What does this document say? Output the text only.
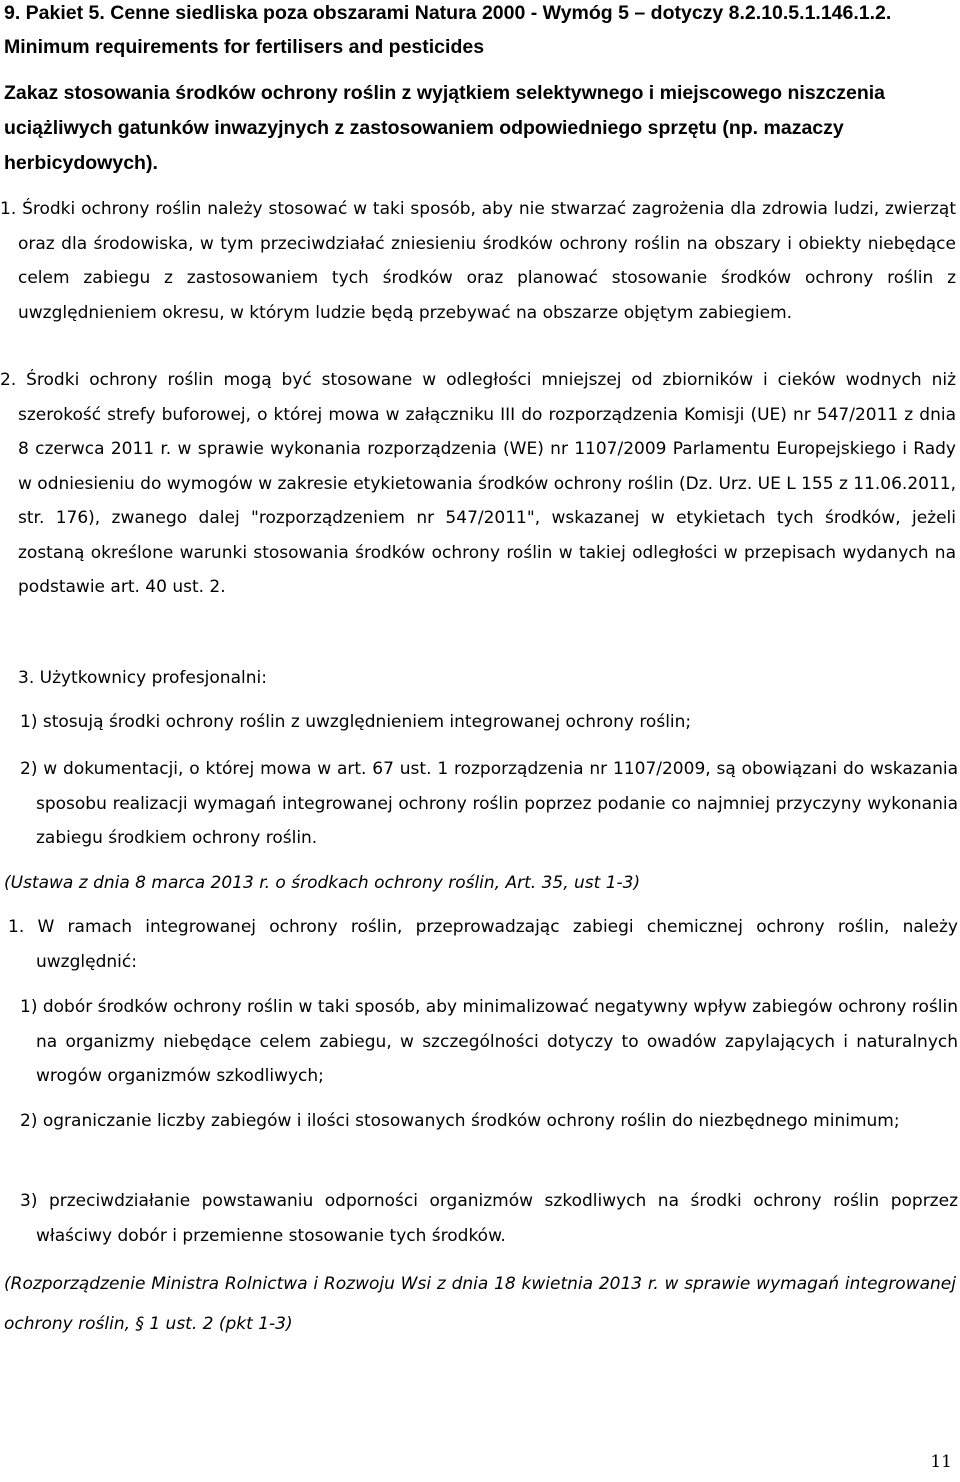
9. Pakiet 5. Cenne siedliska poza obszarami Natura 2000 - Wymóg 5 – dotyczy 8.2.10.5.1.146.1.2. Minimum requirements for fertilisers and pesticides

Zakaz stosowania środków ochrony roślin z wyjątkiem selektywnego i miejscowego niszczenia uciążliwych gatunków inwazyjnych z zastosowaniem odpowiedniego sprzętu (np. mazaczy herbicydowych).

1. Środki ochrony roślin należy stosować w taki sposób, aby nie stwarzać zagrożenia dla zdrowia ludzi, zwierząt oraz dla środowiska, w tym przeciwdziałać zniesieniu środków ochrony roślin na obszary i obiekty niebędące celem zabiegu z zastosowaniem tych środków oraz planować stosowanie środków ochrony roślin z uwzględnieniem okresu, w którym ludzie będą przebywać na obszarze objętym zabiegiem.

2. Środki ochrony roślin mogą być stosowane w odległości mniejszej od zbiorników i cieków wodnych niż szerokość strefy buforowej, o której mowa w załączniku III do rozporządzenia Komisji (UE) nr 547/2011 z dnia 8 czerwca 2011 r. w sprawie wykonania rozporządzenia (WE) nr 1107/2009 Parlamentu Europejskiego i Rady w odniesieniu do wymogów w zakresie etykietowania środków ochrony roślin (Dz. Urz. UE L 155 z 11.06.2011, str. 176), zwanego dalej "rozporządzeniem nr 547/2011", wskazanej w etykietach tych środków, jeżeli zostaną określone warunki stosowania środków ochrony roślin w takiej odległości w przepisach wydanych na podstawie art. 40 ust. 2.

3. Użytkownicy profesjonalni:

1) stosują środki ochrony roślin z uwzględnieniem integrowanej ochrony roślin;

2) w dokumentacji, o której mowa w art. 67 ust. 1 rozporządzenia nr 1107/2009, są obowiązani do wskazania sposobu realizacji wymagań integrowanej ochrony roślin poprzez podanie co najmniej przyczyny wykonania zabiegu środkiem ochrony roślin.

(Ustawa z dnia 8 marca 2013 r. o środkach ochrony roślin, Art. 35, ust 1-3)

1. W ramach integrowanej ochrony roślin, przeprowadzając zabiegi chemicznej ochrony roślin, należy uwzględnić:

1) dobór środków ochrony roślin w taki sposób, aby minimalizować negatywny wpływ zabiegów ochrony roślin na organizmy niebędące celem zabiegu, w szczególności dotyczy to owadów zapylających i naturalnych wrogów organizmów szkodliwych;

2) ograniczanie liczby zabiegów i ilości stosowanych środków ochrony roślin do niezbędnego minimum;

3) przeciwdziałanie powstawaniu odporności organizmów szkodliwych na środki ochrony roślin poprzez właściwy dobór i przemienne stosowanie tych środków.

(Rozporządzenie Ministra Rolnictwa i Rozwoju Wsi z dnia 18 kwietnia 2013 r. w sprawie wymagań integrowanej ochrony roślin, § 1 ust. 2 (pkt 1-3)

11
